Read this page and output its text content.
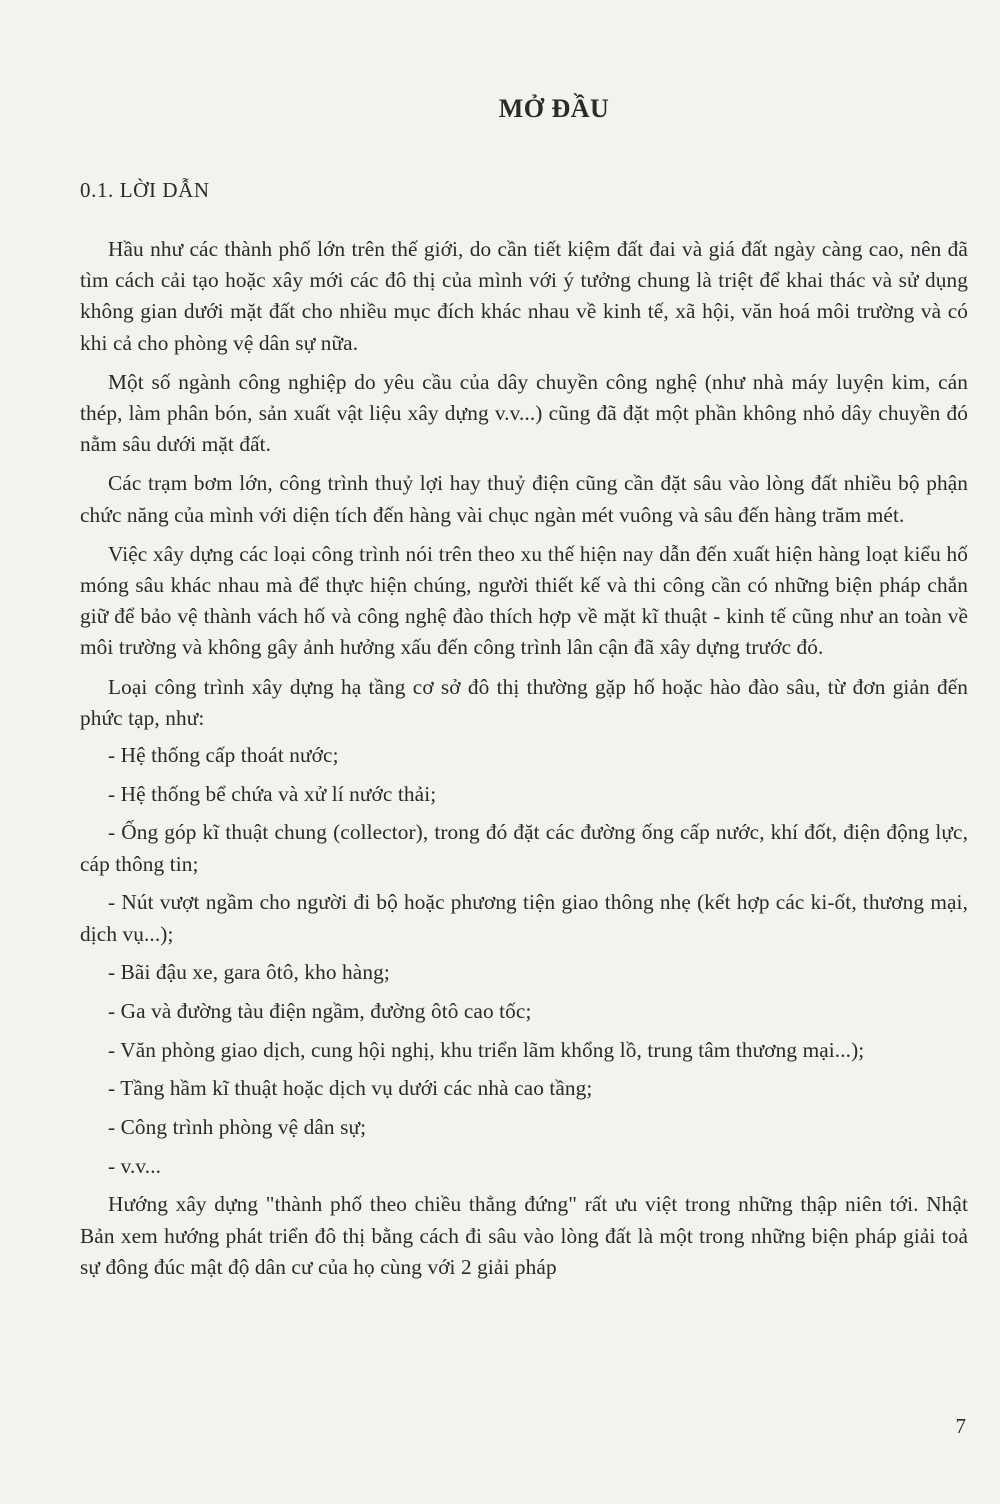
MỞ ĐẦU
0.1. LỜI DẪN

Hầu như các thành phố lớn trên thế giới, do cần tiết kiệm đất đai và giá đất ngày càng cao, nên đã tìm cách cải tạo hoặc xây mới các đô thị của mình với ý tưởng chung là triệt để khai thác và sử dụng không gian dưới mặt đất cho nhiều mục đích khác nhau về kinh tế, xã hội, văn hoá môi trường và có khi cả cho phòng vệ dân sự nữa.

Một số ngành công nghiệp do yêu cầu của dây chuyền công nghệ (như nhà máy luyện kim, cán thép, làm phân bón, sản xuất vật liệu xây dựng v.v...) cũng đã đặt một phần không nhỏ dây chuyền đó nằm sâu dưới mặt đất.

Các trạm bơm lớn, công trình thuỷ lợi hay thuỷ điện cũng cần đặt sâu vào lòng đất nhiều bộ phận chức năng của mình với diện tích đến hàng vài chục ngàn mét vuông và sâu đến hàng trăm mét.

Việc xây dựng các loại công trình nói trên theo xu thế hiện nay dẫn đến xuất hiện hàng loạt kiểu hố móng sâu khác nhau mà để thực hiện chúng, người thiết kế và thi công cần có những biện pháp chắn giữ để bảo vệ thành vách hố và công nghệ đào thích hợp về mặt kĩ thuật - kinh tế cũng như an toàn về môi trường và không gây ảnh hưởng xấu đến công trình lân cận đã xây dựng trước đó.

Loại công trình xây dựng hạ tầng cơ sở đô thị thường gặp hố hoặc hào đào sâu, từ đơn giản đến phức tạp, như:

- Hệ thống cấp thoát nước;
- Hệ thống bể chứa và xử lí nước thải;
- Ống góp kĩ thuật chung (collector), trong đó đặt các đường ống cấp nước, khí đốt, điện động lực, cáp thông tin;
- Nút vượt ngầm cho người đi bộ hoặc phương tiện giao thông nhẹ (kết hợp các ki-ốt, thương mại, dịch vụ...);
- Bãi đậu xe, gara ôtô, kho hàng;
- Ga và đường tàu điện ngầm, đường ôtô cao tốc;
- Văn phòng giao dịch, cung hội nghị, khu triển lãm khổng lồ, trung tâm thương mại...);
- Tầng hầm kĩ thuật hoặc dịch vụ dưới các nhà cao tầng;
- Công trình phòng vệ dân sự;
- v.v...

Hướng xây dựng "thành phố theo chiều thẳng đứng" rất ưu việt trong những thập niên tới. Nhật Bản xem hướng phát triển đô thị bằng cách đi sâu vào lòng đất là một trong những biện pháp giải toả sự đông đúc mật độ dân cư của họ cùng với 2 giải pháp

7
